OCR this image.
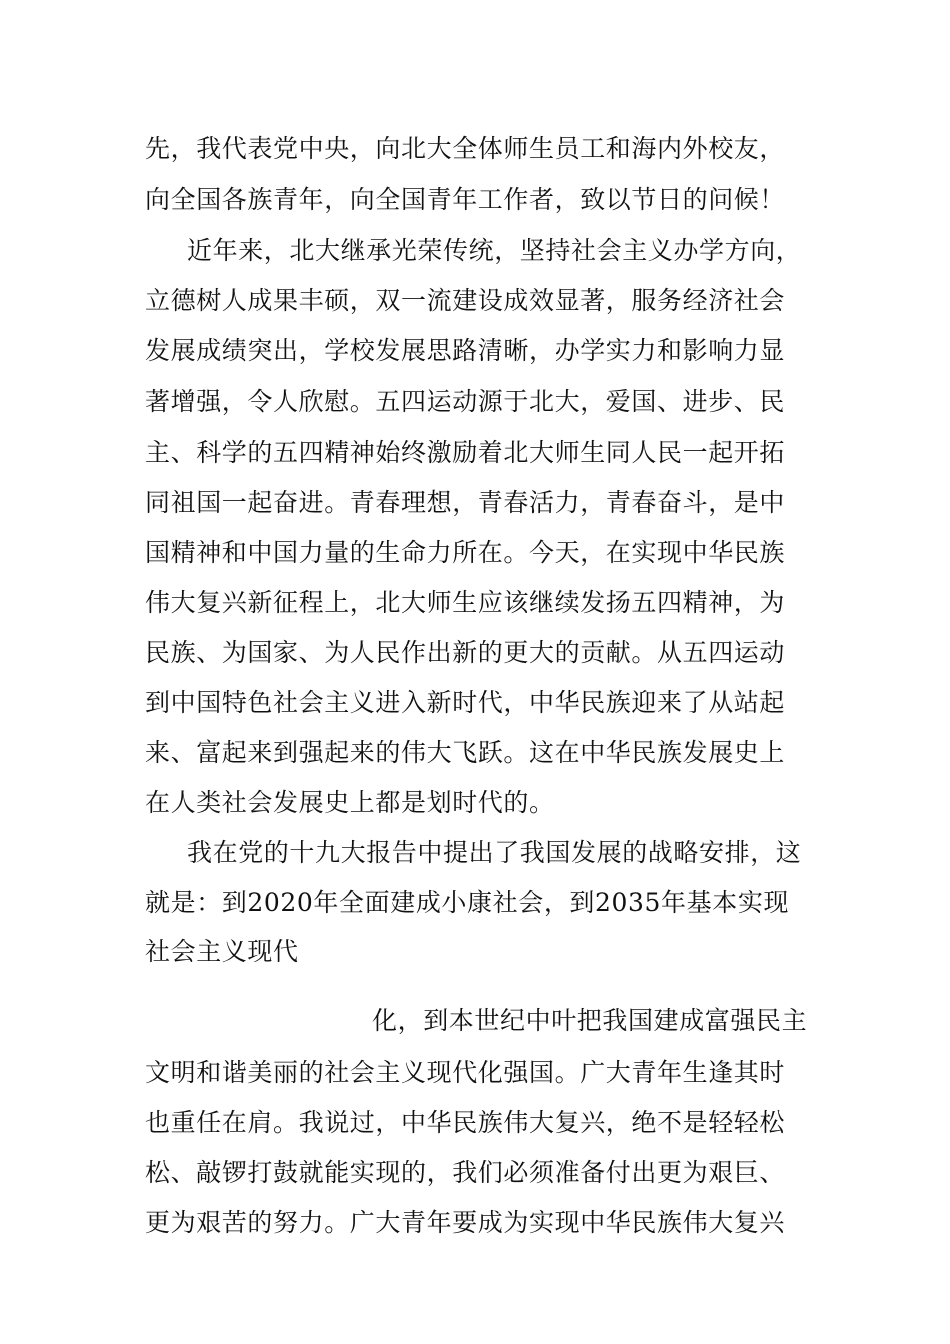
先，我代表党中央，向北大全体师生员工和海内外校友，
向全国各族青年，向全国青年工作者，致以节日的问候！
近年来，北大继承光荣传统，坚持社会主义办学方向，
立德树人成果丰硕，双一流建设成效显著，服务经济社会
发展成绩突出，学校发展思路清晰，办学实力和影响力显
著增强，令人欣慰。五四运动源于北大，爱国、进步、民
主、科学的五四精神始终激励着北大师生同人民一起开拓
同祖国一起奋进。青春理想，青春活力，青春奋斗，是中
国精神和中国力量的生命力所在。今天，在实现中华民族
伟大复兴新征程上，北大师生应该继续发扬五四精神，为
民族、为国家、为人民作出新的更大的贡献。从五四运动
到中国特色社会主义进入新时代，中华民族迎来了从站起
来、富起来到强起来的伟大飞跃。这在中华民族发展史上
在人类社会发展史上都是划时代的。
我在党的十九大报告中提出了我国发展的战略安排，这
就是：到2020年全面建成小康社会，到2035年基本实现
社会主义现代
化，到本世纪中叶把我国建成富强民主
文明和谐美丽的社会主义现代化强国。广大青年生逢其时
也重任在肩。我说过，中华民族伟大复兴，绝不是轻轻松
松、敲锣打鼓就能实现的，我们必须准备付出更为艰巨、
更为艰苦的努力。广大青年要成为实现中华民族伟大复兴
